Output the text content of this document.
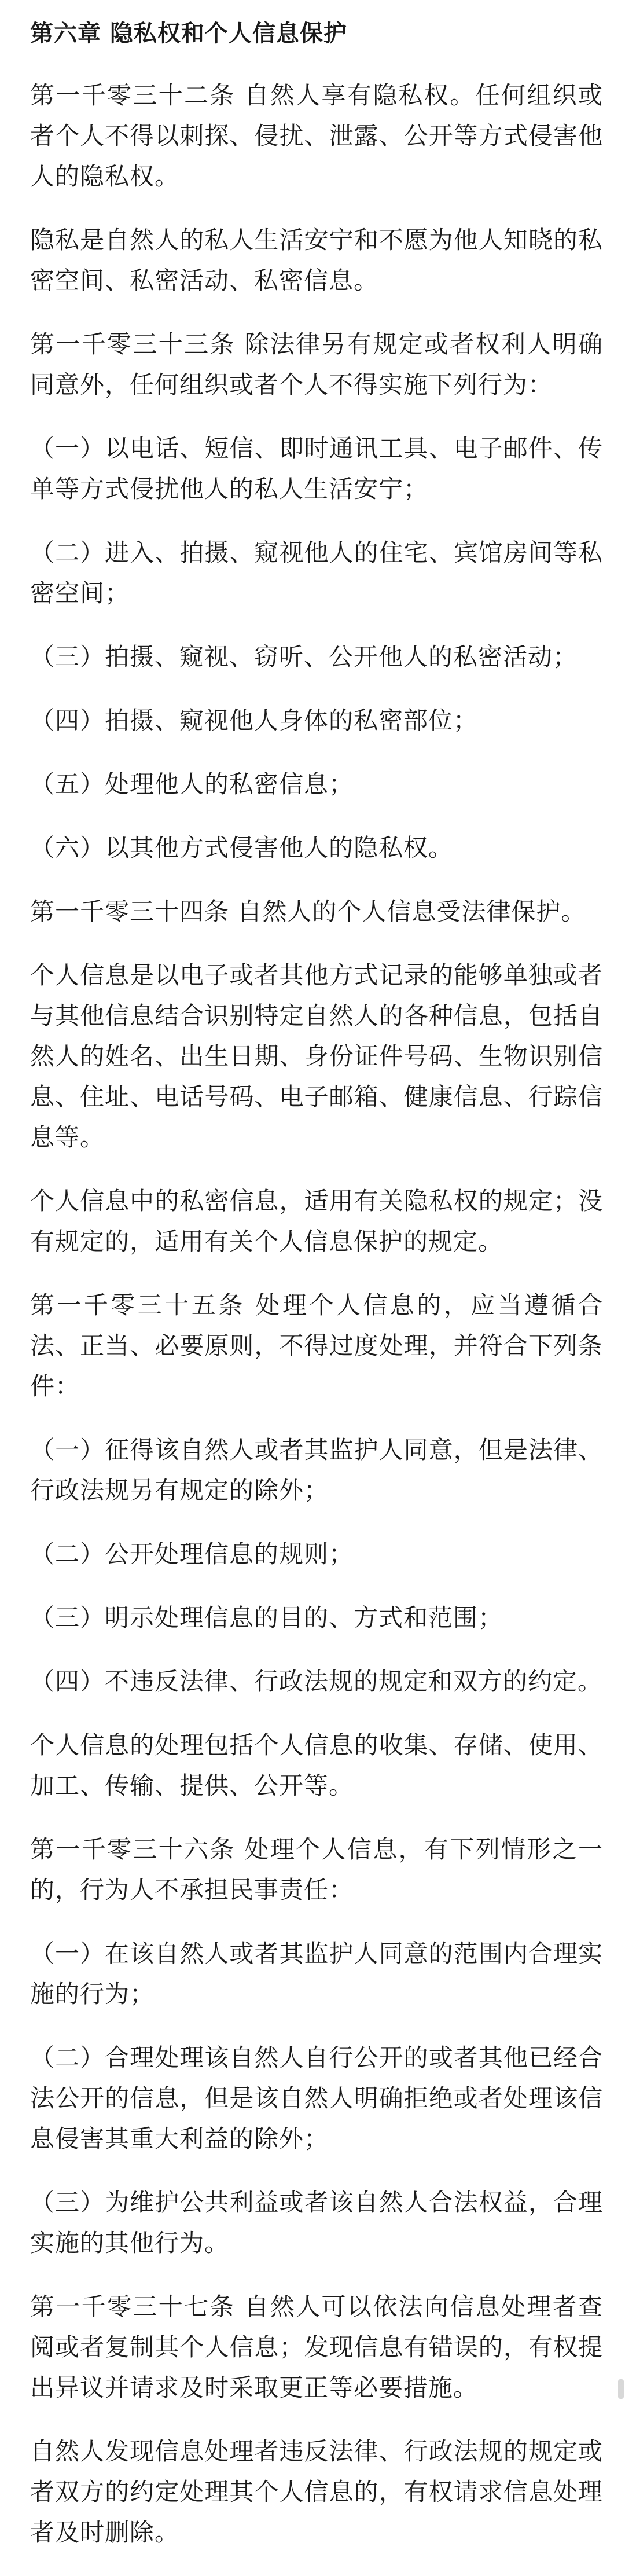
第六章 隐私权和个人信息保护

第一千零三十二条 自然人享有隐私权。任何组织或者个人不得以刺探、侵扰、泄露、公开等方式侵害他人的隐私权。

隐私是自然人的私人生活安宁和不愿为他人知晓的私密空间、私密活动、私密信息。

第一千零三十三条 除法律另有规定或者权利人明确同意外，任何组织或者个人不得实施下列行为：

（一）以电话、短信、即时通讯工具、电子邮件、传单等方式侵扰他人的私人生活安宁；

（二）进入、拍摄、窥视他人的住宅、宾馆房间等私密空间；

（三）拍摄、窥视、窃听、公开他人的私密活动；

（四）拍摄、窥视他人身体的私密部位；

（五）处理他人的私密信息；

（六）以其他方式侵害他人的隐私权。

第一千零三十四条 自然人的个人信息受法律保护。

个人信息是以电子或者其他方式记录的能够单独或者与其他信息结合识别特定自然人的各种信息，包括自然人的姓名、出生日期、身份证件号码、生物识别信息、住址、电话号码、电子邮箱、健康信息、行踪信息等。

个人信息中的私密信息，适用有关隐私权的规定；没有规定的，适用有关个人信息保护的规定。

第一千零三十五条 处理个人信息的，应当遵循合法、正当、必要原则，不得过度处理，并符合下列条件：

（一）征得该自然人或者其监护人同意，但是法律、行政法规另有规定的除外；

（二）公开处理信息的规则；

（三）明示处理信息的目的、方式和范围；

（四）不违反法律、行政法规的规定和双方的约定。

个人信息的处理包括个人信息的收集、存储、使用、加工、传输、提供、公开等。

第一千零三十六条 处理个人信息，有下列情形之一的，行为人不承担民事责任：

（一）在该自然人或者其监护人同意的范围内合理实施的行为；

（二）合理处理该自然人自行公开的或者其他已经合法公开的信息，但是该自然人明确拒绝或者处理该信息侵害其重大利益的除外；

（三）为维护公共利益或者该自然人合法权益，合理实施的其他行为。

第一千零三十七条 自然人可以依法向信息处理者查阅或者复制其个人信息；发现信息有错误的，有权提出异议并请求及时采取更正等必要措施。

自然人发现信息处理者违反法律、行政法规的规定或者双方的约定处理其个人信息的，有权请求信息处理者及时删除。
